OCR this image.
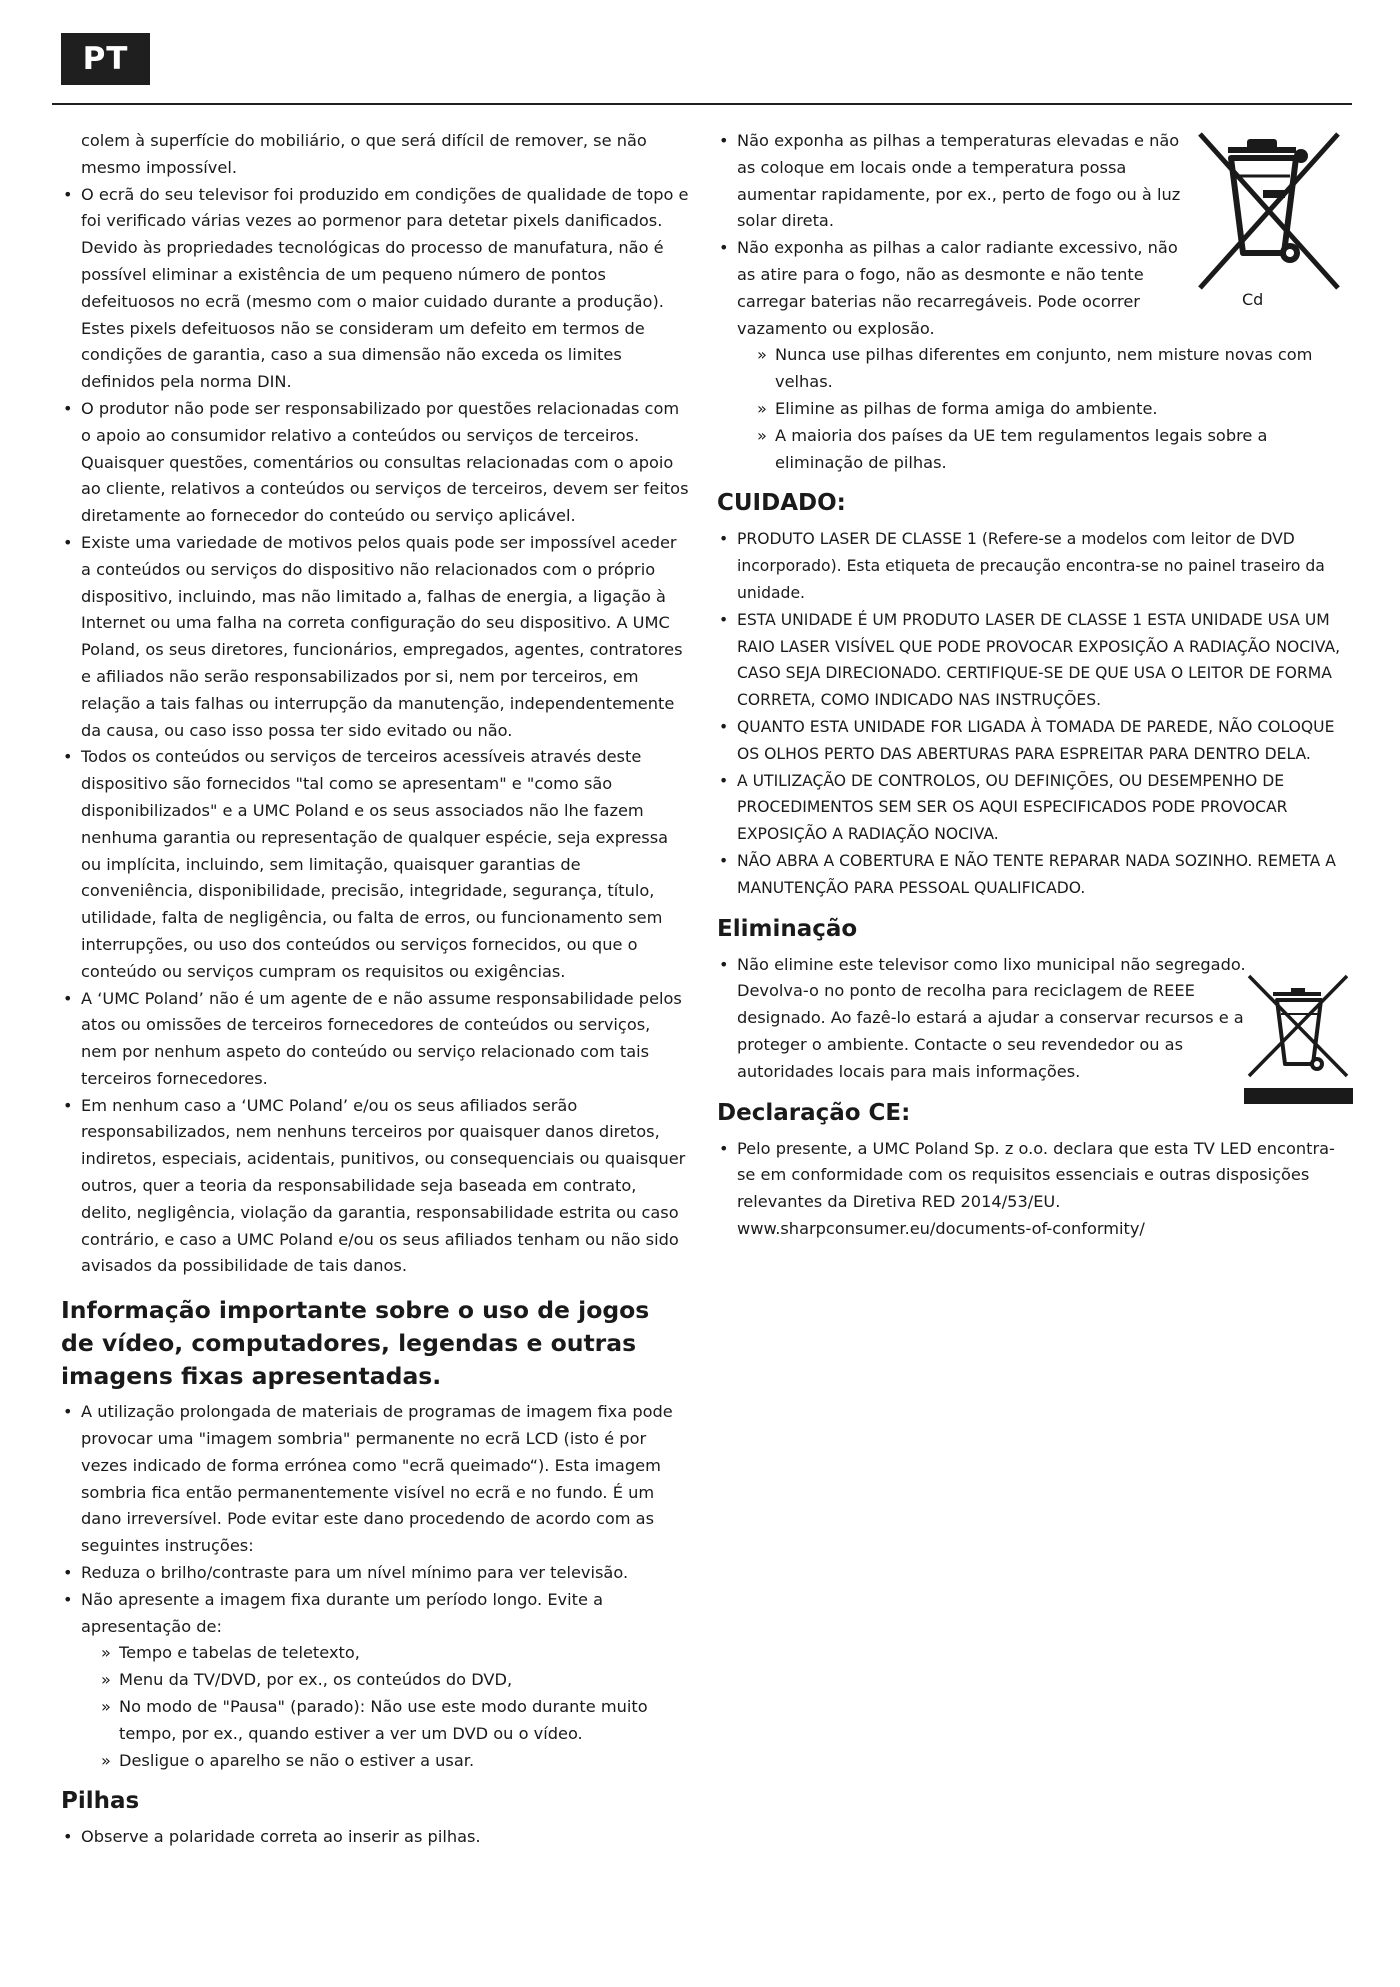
PT

colem à superfície do mobiliário, o que será difícil de remover, se não mesmo impossível.

• O ecrã do seu televisor foi produzido em condições de qualidade de topo e foi verificado várias vezes ao pormenor para detetar pixels danificados. Devido às propriedades tecnológicas do processo de manufatura, não é possível eliminar a existência de um pequeno número de pontos defeituosos no ecrã (mesmo com o maior cuidado durante a produção). Estes pixels defeituosos não se consideram um defeito em termos de condições de garantia, caso a sua dimensão não exceda os limites definidos pela norma DIN.
• O produtor não pode ser responsabilizado por questões relacionadas com o apoio ao consumidor relativo a conteúdos ou serviços de terceiros. Quaisquer questões, comentários ou consultas relacionadas com o apoio ao cliente, relativos a conteúdos ou serviços de terceiros, devem ser feitos diretamente ao fornecedor do conteúdo ou serviço aplicável.
• Existe uma variedade de motivos pelos quais pode ser impossível aceder a conteúdos ou serviços do dispositivo não relacionados com o próprio dispositivo, incluindo, mas não limitado a, falhas de energia, a ligação à Internet ou uma falha na correta configuração do seu dispositivo. A UMC Poland, os seus diretores, funcionários, empregados, agentes, contratores e afiliados não serão responsabilizados por si, nem por terceiros, em relação a tais falhas ou interrupção da manutenção, independentemente da causa, ou caso isso possa ter sido evitado ou não.
• Todos os conteúdos ou serviços de terceiros acessíveis através deste dispositivo são fornecidos "tal como se apresentam" e "como são disponibilizados" e a UMC Poland e os seus associados não lhe fazem nenhuma garantia ou representação de qualquer espécie, seja expressa ou implícita, incluindo, sem limitação, quaisquer garantias de conveniência, disponibilidade, precisão, integridade, segurança, título, utilidade, falta de negligência, ou falta de erros, ou funcionamento sem interrupções, ou uso dos conteúdos ou serviços fornecidos, ou que o conteúdo ou serviços cumpram os requisitos ou exigências.
• A ‘UMC Poland’ não é um agente de e não assume responsabilidade pelos atos ou omissões de terceiros fornecedores de conteúdos ou serviços, nem por nenhum aspeto do conteúdo ou serviço relacionado com tais terceiros fornecedores.
• Em nenhum caso a ‘UMC Poland’ e/ou os seus afiliados serão responsabilizados, nem nenhuns terceiros por quaisquer danos diretos, indiretos, especiais, acidentais, punitivos, ou consequenciais ou quaisquer outros, quer a teoria da responsabilidade seja baseada em contrato, delito, negligência, violação da garantia, responsabilidade estrita ou caso contrário, e caso a UMC Poland e/ou os seus afiliados tenham ou não sido avisados da possibilidade de tais danos.
Informação importante sobre o uso de jogos de vídeo, computadores, legendas e outras imagens fixas apresentadas.
• A utilização prolongada de materiais de programas de imagem fixa pode provocar uma "imagem sombria" permanente no ecrã LCD (isto é por vezes indicado de forma errónea como "ecrã queimado“). Esta imagem sombria fica então permanentemente visível no ecrã e no fundo. É um dano irreversível. Pode evitar este dano procedendo de acordo com as seguintes instruções:
• Reduza o brilho/contraste para um nível mínimo para ver televisão.
• Não apresente a imagem fixa durante um período longo. Evite a apresentação de:
» Tempo e tabelas de teletexto,
» Menu da TV/DVD, por ex., os conteúdos do DVD,
» No modo de "Pausa" (parado): Não use este modo durante muito tempo, por ex., quando estiver a ver um DVD ou o vídeo.
» Desligue o aparelho se não o estiver a usar.
Pilhas
• Observe a polaridade correta ao inserir as pilhas.
• Não exponha as pilhas a temperaturas elevadas e não as coloque em locais onde a temperatura possa aumentar rapidamente, por ex., perto de fogo ou à luz solar direta.
• Não exponha as pilhas a calor radiante excessivo, não as atire para o fogo, não as desmonte e não tente carregar baterias não recarregáveis. Pode ocorrer vazamento ou explosão.
» Nunca use pilhas diferentes em conjunto, nem misture novas com velhas.
» Elimine as pilhas de forma amiga do ambiente.
» A maioria dos países da UE tem regulamentos legais sobre a eliminação de pilhas.
CUIDADO:
• PRODUTO LASER DE CLASSE 1 (Refere-se a modelos com leitor de DVD incorporado). Esta etiqueta de precaução encontra-se no painel traseiro da unidade.
• ESTA UNIDADE É UM PRODUTO LASER DE CLASSE 1 ESTA UNIDADE USA UM RAIO LASER VISÍVEL QUE PODE PROVOCAR EXPOSIÇÃO A RADIAÇÃO NOCIVA, CASO SEJA DIRECIONADO. CERTIFIQUE-SE DE QUE USA O LEITOR DE FORMA CORRETA, COMO INDICADO NAS INSTRUÇÕES.
• QUANTO ESTA UNIDADE FOR LIGADA À TOMADA DE PAREDE, NÃO COLOQUE OS OLHOS PERTO DAS ABERTURAS PARA ESPREITAR PARA DENTRO DELA.
• A UTILIZAÇÃO DE CONTROLOS, OU DEFINIÇÕES, OU DESEMPENHO DE PROCEDIMENTOS SEM SER OS AQUI ESPECIFICADOS PODE PROVOCAR EXPOSIÇÃO A RADIAÇÃO NOCIVA.
• NÃO ABRA A COBERTURA E NÃO TENTE REPARAR NADA SOZINHO. REMETA A MANUTENÇÃO PARA PESSOAL QUALIFICADO.
Eliminação
• Não elimine este televisor como lixo municipal não segregado. Devolva-o no ponto de recolha para reciclagem de REEE designado. Ao fazê-lo estará a ajudar a conservar recursos e a proteger o ambiente. Contacte o seu revendedor ou as autoridades locais para mais informações.
Declaração CE:
• Pelo presente, a UMC Poland Sp. z o.o. declara que esta TV LED encontra-se em conformidade com os requisitos essenciais e outras disposições relevantes da Diretiva RED 2014/53/EU. www.sharpconsumer.eu/documents-of-conformity/
Cd
